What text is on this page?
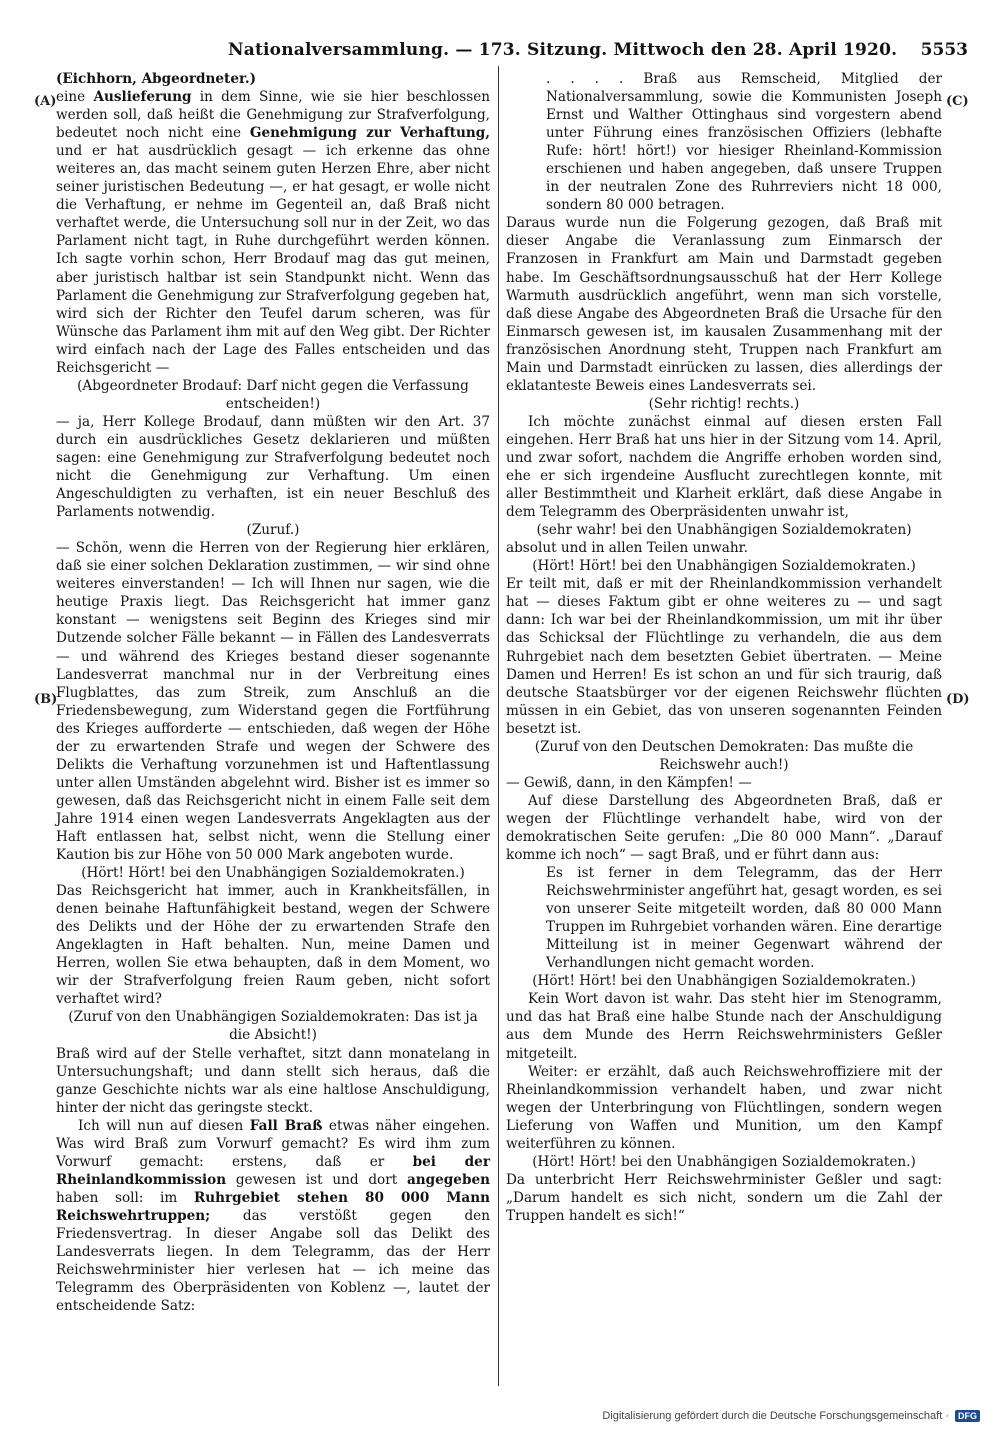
Nationalversammlung. — 173. Sitzung. Mittwoch den 28. April 1920. 5553
(A)
(B)
(C)
(D)

(Eichhorn, Abgeordneter.)

eine Auslieferung in dem Sinne, wie sie hier beschlossen werden soll, daß heißt die Genehmigung zur Strafverfolgung, bedeutet noch nicht eine Genehmigung zur Verhaftung, und er hat ausdrücklich gesagt — ich erkenne das ohne weiteres an, das macht seinem guten Herzen Ehre, aber nicht seiner juristischen Bedeutung —, er hat gesagt, er wolle nicht die Verhaftung, er nehme im Gegenteil an, daß Braß nicht verhaftet werde, die Untersuchung soll nur in der Zeit, wo das Parlament nicht tagt, in Ruhe durchgeführt werden können. Ich sagte vorhin schon, Herr Brodauf mag das gut meinen, aber juristisch haltbar ist sein Standpunkt nicht. Wenn das Parlament die Genehmigung zur Strafverfolgung gegeben hat, wird sich der Richter den Teufel darum scheren, was für Wünsche das Parlament ihm mit auf den Weg gibt. Der Richter wird einfach nach der Lage des Falles entscheiden und das Reichsgericht —

(Abgeordneter Brodauf: Darf nicht gegen die Verfassung entscheiden!)

— ja, Herr Kollege Brodauf, dann müßten wir den Art. 37 durch ein ausdrückliches Gesetz deklarieren und müßten sagen: eine Genehmigung zur Strafverfolgung bedeutet noch nicht die Genehmigung zur Verhaftung. Um einen Angeschuldigten zu verhaften, ist ein neuer Beschluß des Parlaments notwendig.

(Zuruf.)

— Schön, wenn die Herren von der Regierung hier erklären, daß sie einer solchen Deklaration zustimmen, — wir sind ohne weiteres einverstanden! — Ich will Ihnen nur sagen, wie die heutige Praxis liegt. Das Reichsgericht hat immer ganz konstant — wenigstens seit Beginn des Krieges sind mir Dutzende solcher Fälle bekannt — in Fällen des Landesverrats — und während des Krieges bestand dieser sogenannte Landesverrat manchmal nur in der Verbreitung eines Flugblattes, das zum Streik, zum Anschluß an die Friedensbewegung, zum Widerstand gegen die Fortführung des Krieges aufforderte — entschieden, daß wegen der Höhe der zu erwartenden Strafe und wegen der Schwere des Delikts die Verhaftung vorzunehmen ist und Haftentlassung unter allen Umständen abgelehnt wird. Bisher ist es immer so gewesen, daß das Reichsgericht nicht in einem Falle seit dem Jahre 1914 einen wegen Landesverrats Angeklagten aus der Haft entlassen hat, selbst nicht, wenn die Stellung einer Kaution bis zur Höhe von 50 000 Mark angeboten wurde.

(Hört! Hört! bei den Unabhängigen Sozialdemokraten.)

Das Reichsgericht hat immer, auch in Krankheitsfällen, in denen beinahe Haftunfähigkeit bestand, wegen der Schwere des Delikts und der Höhe der zu erwartenden Strafe den Angeklagten in Haft behalten. Nun, meine Damen und Herren, wollen Sie etwa behaupten, daß in dem Moment, wo wir der Strafverfolgung freien Raum geben, nicht sofort verhaftet wird?

(Zuruf von den Unabhängigen Sozialdemokraten: Das ist ja die Absicht!)

Braß wird auf der Stelle verhaftet, sitzt dann monatelang in Untersuchungshaft; und dann stellt sich heraus, daß die ganze Geschichte nichts war als eine haltlose Anschuldigung, hinter der nicht das geringste steckt.

Ich will nun auf diesen Fall Braß etwas näher eingehen. Was wird Braß zum Vorwurf gemacht? Es wird ihm zum Vorwurf gemacht: erstens, daß er bei der Rheinlandkommission gewesen ist und dort angegeben haben soll: im Ruhrgebiet stehen 80 000 Mann Reichswehrtruppen; das verstößt gegen den Friedensvertrag. In dieser Angabe soll das Delikt des Landesverrats liegen. In dem Telegramm, das der Herr Reichswehrminister hier verlesen hat — ich meine das Telegramm des Oberpräsidenten von Koblenz —, lautet der entscheidende Satz:

. . . . Braß aus Remscheid, Mitglied der Nationalversammlung, sowie die Kommunisten Joseph Ernst und Walther Ottinghaus sind vorgestern abend unter Führung eines französischen Offiziers (lebhafte Rufe: hört! hört!) vor hiesiger Rheinland-Kommission erschienen und haben angegeben, daß unsere Truppen in der neutralen Zone des Ruhrreviers nicht 18 000, sondern 80 000 betragen.

Daraus wurde nun die Folgerung gezogen, daß Braß mit dieser Angabe die Veranlassung zum Einmarsch der Franzosen in Frankfurt am Main und Darmstadt gegeben habe. Im Geschäftsordnungsausschuß hat der Herr Kollege Warmuth ausdrücklich angeführt, wenn man sich vorstelle, daß diese Angabe des Abgeordneten Braß die Ursache für den Einmarsch gewesen ist, im kausalen Zusammenhang mit der französischen Anordnung steht, Truppen nach Frankfurt am Main und Darmstadt einrücken zu lassen, dies allerdings der eklatanteste Beweis eines Landesverrats sei.

(Sehr richtig! rechts.)

Ich möchte zunächst einmal auf diesen ersten Fall eingehen. Herr Braß hat uns hier in der Sitzung vom 14. April, und zwar sofort, nachdem die Angriffe erhoben worden sind, ehe er sich irgendeine Ausflucht zurechtlegen konnte, mit aller Bestimmtheit und Klarheit erklärt, daß diese Angabe in dem Telegramm des Oberpräsidenten unwahr ist,

(sehr wahr! bei den Unabhängigen Sozialdemokraten)

absolut und in allen Teilen unwahr.

(Hört! Hört! bei den Unabhängigen Sozialdemokraten.)

Er teilt mit, daß er mit der Rheinlandkommission verhandelt hat — dieses Faktum gibt er ohne weiteres zu — und sagt dann: Ich war bei der Rheinlandkommission, um mit ihr über das Schicksal der Flüchtlinge zu verhandeln, die aus dem Ruhrgebiet nach dem besetzten Gebiet übertraten. — Meine Damen und Herren! Es ist schon an und für sich traurig, daß deutsche Staatsbürger vor der eigenen Reichswehr flüchten müssen in ein Gebiet, das von unseren sogenannten Feinden besetzt ist.

(Zuruf von den Deutschen Demokraten: Das mußte die Reichswehr auch!)

— Gewiß, dann, in den Kämpfen! —

Auf diese Darstellung des Abgeordneten Braß, daß er wegen der Flüchtlinge verhandelt habe, wird von der demokratischen Seite gerufen: „Die 80 000 Mann“. „Darauf komme ich noch“ — sagt Braß, und er führt dann aus:

Es ist ferner in dem Telegramm, das der Herr Reichswehrminister angeführt hat, gesagt worden, es sei von unserer Seite mitgeteilt worden, daß 80 000 Mann Truppen im Ruhrgebiet vorhanden wären. Eine derartige Mitteilung ist in meiner Gegenwart während der Verhandlungen nicht gemacht worden.

(Hört! Hört! bei den Unabhängigen Sozialdemokraten.)

Kein Wort davon ist wahr. Das steht hier im Stenogramm, und das hat Braß eine halbe Stunde nach der Anschuldigung aus dem Munde des Herrn Reichswehrministers Geßler mitgeteilt.

Weiter: er erzählt, daß auch Reichswehroffiziere mit der Rheinlandkommission verhandelt haben, und zwar nicht wegen der Unterbringung von Flüchtlingen, sondern wegen Lieferung von Waffen und Munition, um den Kampf weiterführen zu können.

(Hört! Hört! bei den Unabhängigen Sozialdemokraten.)

Da unterbricht Herr Reichswehrminister Geßler und sagt: „Darum handelt es sich nicht, sondern um die Zahl der Truppen handelt es sich!“

Digitalisierung gefördert durch die Deutsche Forschungsgemeinschaft ·	DFG
